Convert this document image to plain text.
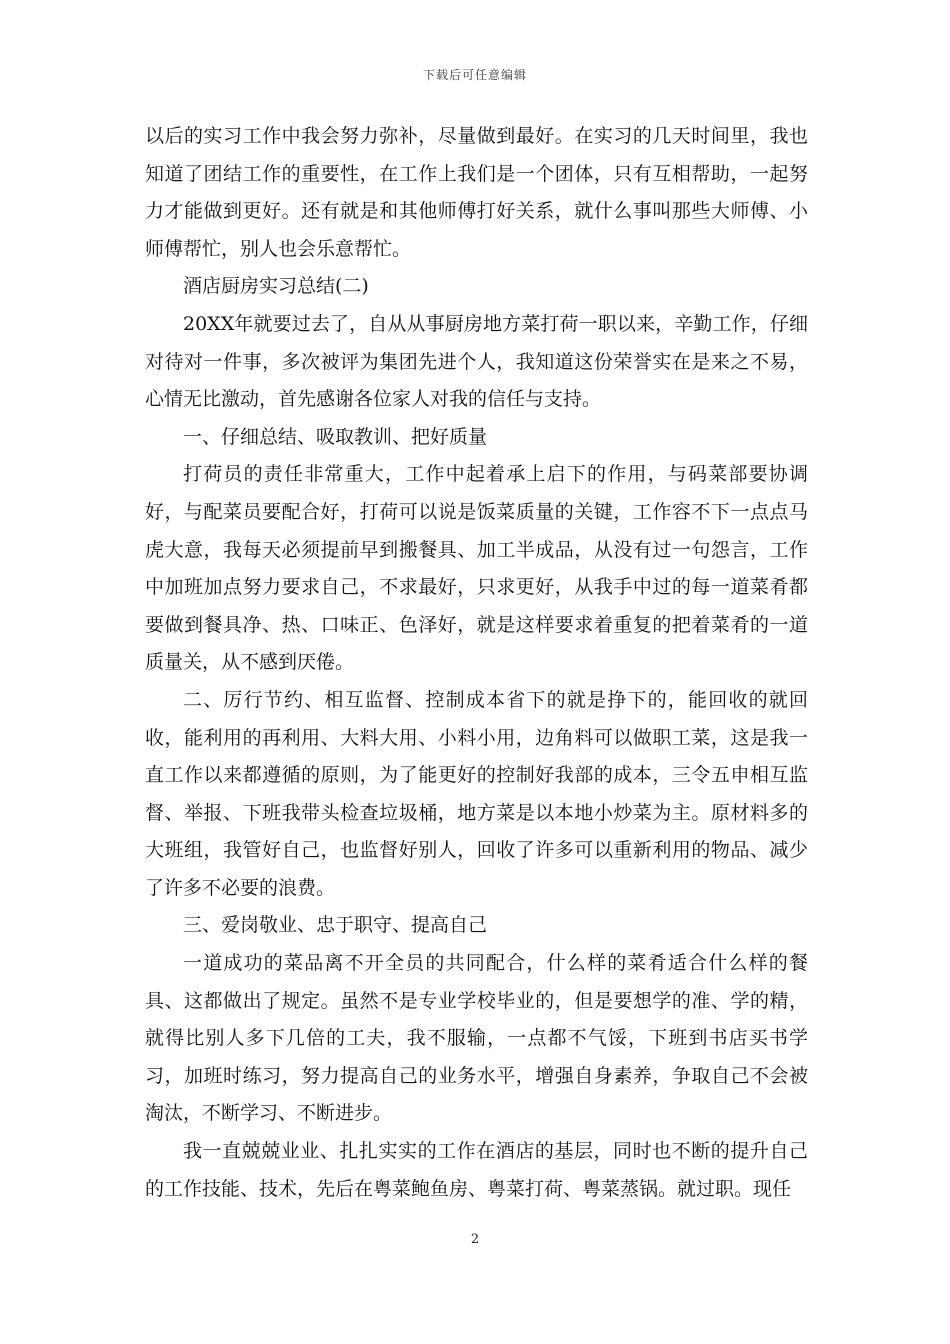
下载后可任意编辑

以后的实习工作中我会努力弥补，尽量做到最好。在实习的几天时间里，我也知道了团结工作的重要性，在工作上我们是一个团体，只有互相帮助，一起努力才能做到更好。还有就是和其他师傅打好关系，就什么事叫那些大师傅、小师傅帮忙，别人也会乐意帮忙。

酒店厨房实习总结(二)

20XX年就要过去了，自从从事厨房地方菜打荷一职以来，辛勤工作，仔细对待对一件事，多次被评为集团先进个人，我知道这份荣誉实在是来之不易，心情无比激动，首先感谢各位家人对我的信任与支持。

一、仔细总结、吸取教训、把好质量

打荷员的责任非常重大，工作中起着承上启下的作用，与码菜部要协调好，与配菜员要配合好，打荷可以说是饭菜质量的关键，工作容不下一点点马虎大意，我每天必须提前早到搬餐具、加工半成品，从没有过一句怨言，工作中加班加点努力要求自己，不求最好，只求更好，从我手中过的每一道菜肴都要做到餐具净、热、口味正、色泽好，就是这样要求着重复的把着菜肴的一道质量关，从不感到厌倦。

二、厉行节约、相互监督、控制成本省下的就是挣下的，能回收的就回收，能利用的再利用、大料大用、小料小用，边角料可以做职工菜，这是我一直工作以来都遵循的原则，为了能更好的控制好我部的成本，三令五申相互监督、举报、下班我带头检查垃圾桶，地方菜是以本地小炒菜为主。原材料多的大班组，我管好自己，也监督好别人，回收了许多可以重新利用的物品、减少了许多不必要的浪费。

三、爱岗敬业、忠于职守、提高自己

一道成功的菜品离不开全员的共同配合，什么样的菜肴适合什么样的餐具、这都做出了规定。虽然不是专业学校毕业的，但是要想学的准、学的精，就得比别人多下几倍的工夫，我不服输，一点都不气馁，下班到书店买书学习，加班时练习，努力提高自己的业务水平，增强自身素养，争取自己不会被淘汰，不断学习、不断进步。

我一直兢兢业业、扎扎实实的工作在酒店的基层，同时也不断的提升自己的工作技能、技术，先后在粤菜鲍鱼房、粤菜打荷、粤菜蒸锅。就过职。现任

2
